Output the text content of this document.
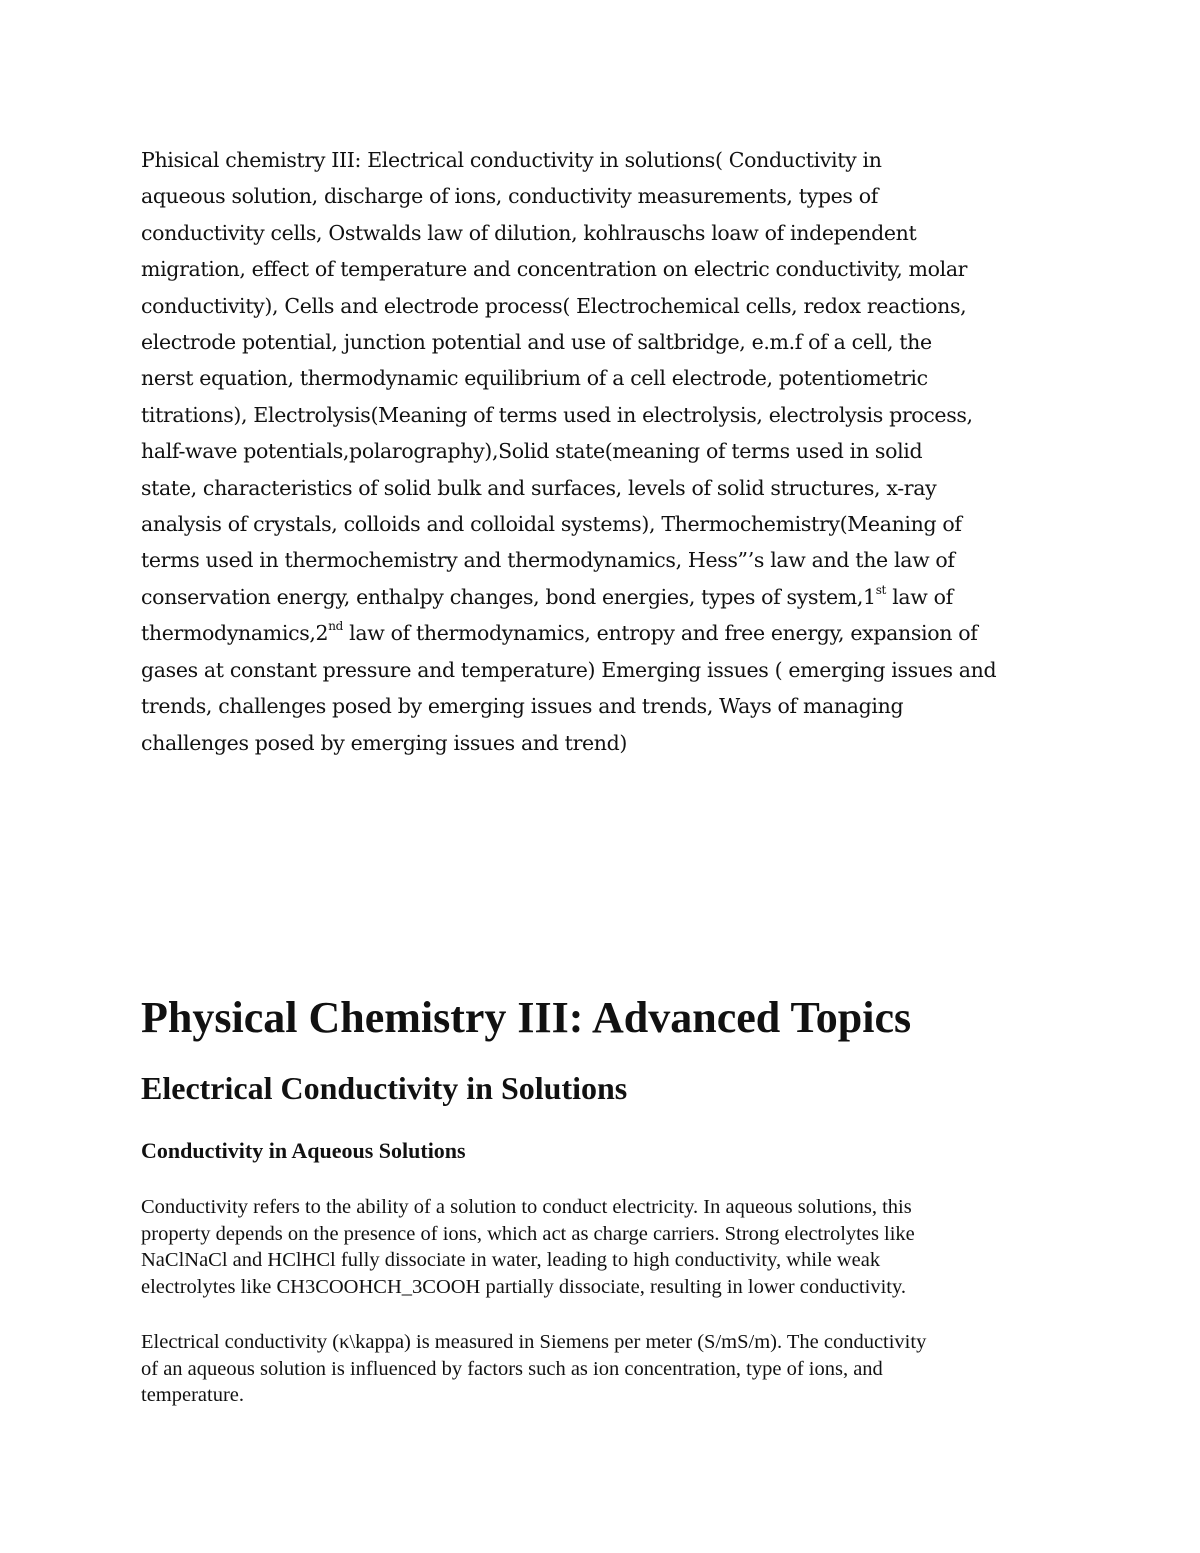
Phisical chemistry III: Electrical conductivity in solutions( Conductivity in
aqueous solution, discharge of ions, conductivity measurements, types of
conductivity cells, Ostwalds law of dilution, kohlrauschs loaw of independent
migration, effect of temperature and concentration on electric conductivity, molar
conductivity), Cells and electrode process( Electrochemical cells, redox reactions,
electrode potential, junction potential and use of saltbridge, e.m.f of a cell, the
nerst equation, thermodynamic equilibrium of a cell electrode, potentiometric
titrations), Electrolysis(Meaning of terms used in electrolysis, electrolysis process,
half-wave potentials,polarography),Solid state(meaning of terms used in solid
state, characteristics of solid bulk and surfaces, levels of solid structures, x-ray
analysis of crystals, colloids and colloidal systems), Thermochemistry(Meaning of
terms used in thermochemistry and thermodynamics, Hess”’s law and the law of
conservation energy, enthalpy changes, bond energies, types of system,1st law of
thermodynamics,2nd law of thermodynamics, entropy and free energy, expansion of
gases at constant pressure and temperature) Emerging issues ( emerging issues and
trends, challenges posed by emerging issues and trends, Ways of managing
challenges posed by emerging issues and trend)

Physical Chemistry III: Advanced Topics
Electrical Conductivity in Solutions
Conductivity in Aqueous Solutions

Conductivity refers to the ability of a solution to conduct electricity. In aqueous solutions, this
property depends on the presence of ions, which act as charge carriers. Strong electrolytes like
NaClNaCl and HClHCl fully dissociate in water, leading to high conductivity, while weak
electrolytes like CH3COOHCH_3COOH partially dissociate, resulting in lower conductivity.

Electrical conductivity (κ\kappa) is measured in Siemens per meter (S/mS/m). The conductivity
of an aqueous solution is influenced by factors such as ion concentration, type of ions, and
temperature.
